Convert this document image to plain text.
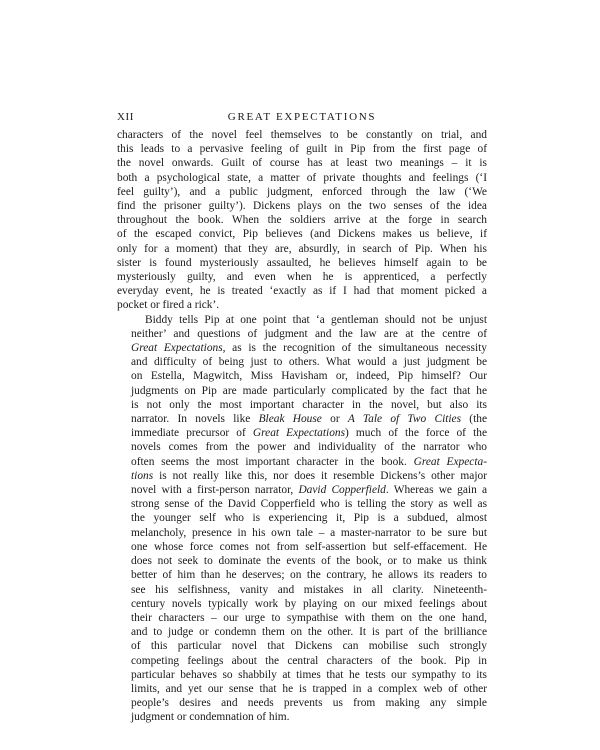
XII	GREAT EXPECTATIONS

characters of the novel feel themselves to be constantly on trial, and
this leads to a pervasive feeling of guilt in Pip from the first page of
the novel onwards. Guilt of course has at least two meanings – it is
both a psychological state, a matter of private thoughts and feelings (‘I
feel guilty’), and a public judgment, enforced through the law (‘We
find the prisoner guilty’). Dickens plays on the two senses of the idea
throughout the book. When the soldiers arrive at the forge in search
of the escaped convict, Pip believes (and Dickens makes us believe, if
only for a moment) that they are, absurdly, in search of Pip. When his
sister is found mysteriously assaulted, he believes himself again to be
mysteriously guilty, and even when he is apprenticed, a perfectly
everyday event, he is treated ‘exactly as if I had that moment picked a
pocket or fired a rick’.

Biddy tells Pip at one point that ‘a gentleman should not be unjust
neither’ and questions of judgment and the law are at the centre of
Great Expectations, as is the recognition of the simultaneous necessity
and difficulty of being just to others. What would a just judgment be
on Estella, Magwitch, Miss Havisham or, indeed, Pip himself? Our
judgments on Pip are made particularly complicated by the fact that he
is not only the most important character in the novel, but also its
narrator. In novels like Bleak House or A Tale of Two Cities (the
immediate precursor of Great Expectations) much of the force of the
novels comes from the power and individuality of the narrator who
often seems the most important character in the book. Great Expecta-
tions is not really like this, nor does it resemble Dickens’s other major
novel with a first-person narrator, David Copperfield. Whereas we gain a
strong sense of the David Copperfield who is telling the story as well as
the younger self who is experiencing it, Pip is a subdued, almost
melancholy, presence in his own tale – a master-narrator to be sure but
one whose force comes not from self-assertion but self-effacement. He
does not seek to dominate the events of the book, or to make us think
better of him than he deserves; on the contrary, he allows its readers to
see his selfishness, vanity and mistakes in all clarity. Nineteenth-
century novels typically work by playing on our mixed feelings about
their characters – our urge to sympathise with them on the one hand,
and to judge or condemn them on the other. It is part of the brilliance
of this particular novel that Dickens can mobilise such strongly
competing feelings about the central characters of the book. Pip in
particular behaves so shabbily at times that he tests our sympathy to its
limits, and yet our sense that he is trapped in a complex web of other
people’s desires and needs prevents us from making any simple
judgment or condemnation of him.
